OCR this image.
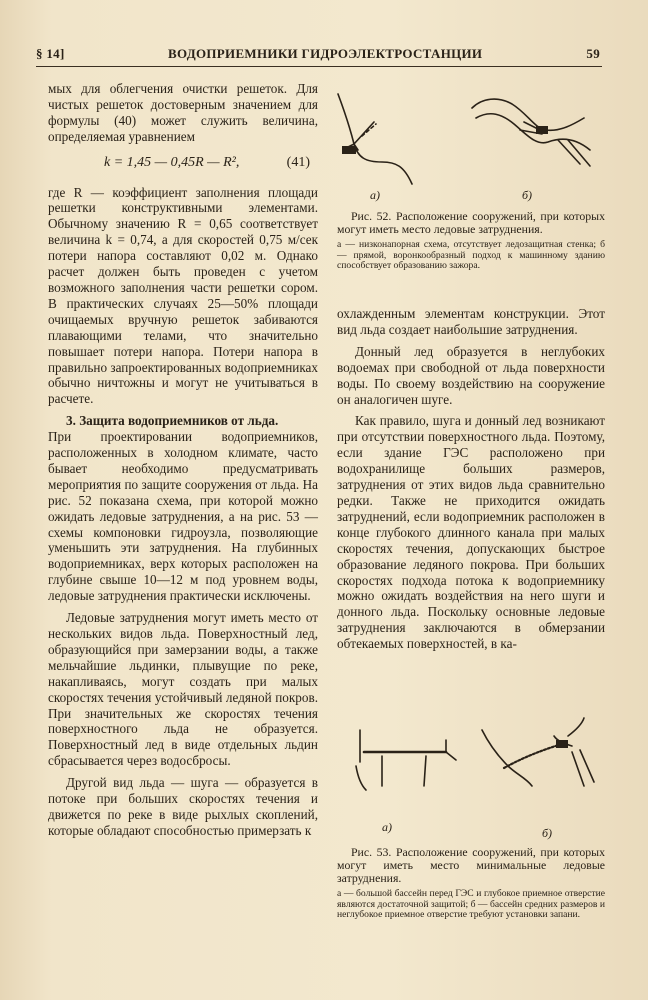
§ 14]	ВОДОПРИЕМНИКИ ГИДРОЭЛЕКТРОСТАНЦИИ	59

мых для облегчения очистки решеток. Для чистых решеток достоверным значением для формулы (40) может служить величина, определяемая уравнением

k = 1,45 — 0,45R — R²,	(41)

где R — коэффициент заполнения площади решетки конструктивными элементами. Обычному значению R = 0,65 соответствует величина k = 0,74, а для скоростей 0,75 м/сек потери напора составляют 0,02 м. Однако расчет должен быть проведен с учетом возможного заполнения части решетки сором. В практических случаях 25—50% площади очищаемых вручную решеток забиваются плавающими телами, что значительно повышает потери напора. Потери напора в правильно запроектированных водоприемниках обычно ничтожны и могут не учитываться в расчете.

3. Защита водоприемников от льда.

При проектировании водоприемников, расположенных в холодном климате, часто бывает необходимо предусматривать мероприятия по защите сооружения от льда. На рис. 52 показана схема, при которой можно ожидать ледовые затруднения, а на рис. 53 — схемы компоновки гидроузла, позволяющие уменьшить эти затруднения. На глубинных водоприемниках, верх которых расположен на глубине свыше 10—12 м под уровнем воды, ледовые затруднения практически исключены.

Ледовые затруднения могут иметь место от нескольких видов льда. Поверхностный лед, образующийся при замерзании воды, а также мельчайшие льдинки, плывущие по реке, накапливаясь, могут создать при малых скоростях течения устойчивый ледяной покров. При значительных же скоростях течения поверхностного льда не образуется. Поверхностный лед в виде отдельных льдин сбрасывается через водосбросы.

Другой вид льда — шуга — образуется в потоке при больших скоростях течения и движется по реке в виде рыхлых скоплений, которые обладают способностью примерзать к

а)	б)
Рис. 52. Расположение сооружений, при которых могут иметь место ледовые затруднения.
а — низконапорная схема, отсутствует ледозащитная стенка; б — прямой, воронкообразный подход к машинному зданию способствует образованию зажора.

охлажденным элементам конструкции. Этот вид льда создает наибольшие затруднения.

Донный лед образуется в неглубоких водоемах при свободной от льда поверхности воды. По своему воздействию на сооружение он аналогичен шуге.

Как правило, шуга и донный лед возникают при отсутствии поверхностного льда. Поэтому, если здание ГЭС расположено при водохранилище больших размеров, затруднения от этих видов льда сравнительно редки. Также не приходится ожидать затруднений, если водоприемник расположен в конце глубокого длинного канала при малых скоростях течения, допускающих быстрое образование ледяного покрова. При больших скоростях подхода потока к водоприемнику можно ожидать воздействия на него шуги и донного льда. Поскольку основные ледовые затруднения заключаются в обмерзании обтекаемых поверхностей, в ка-

а)	б)
Рис. 53. Расположение сооружений, при которых могут иметь место минимальные ледовые затруднения.
а — большой бассейн перед ГЭС и глубокое приемное отверстие являются достаточной защитой; б — бассейн средних размеров и неглубокое приемное отверстие требуют установки запани.
